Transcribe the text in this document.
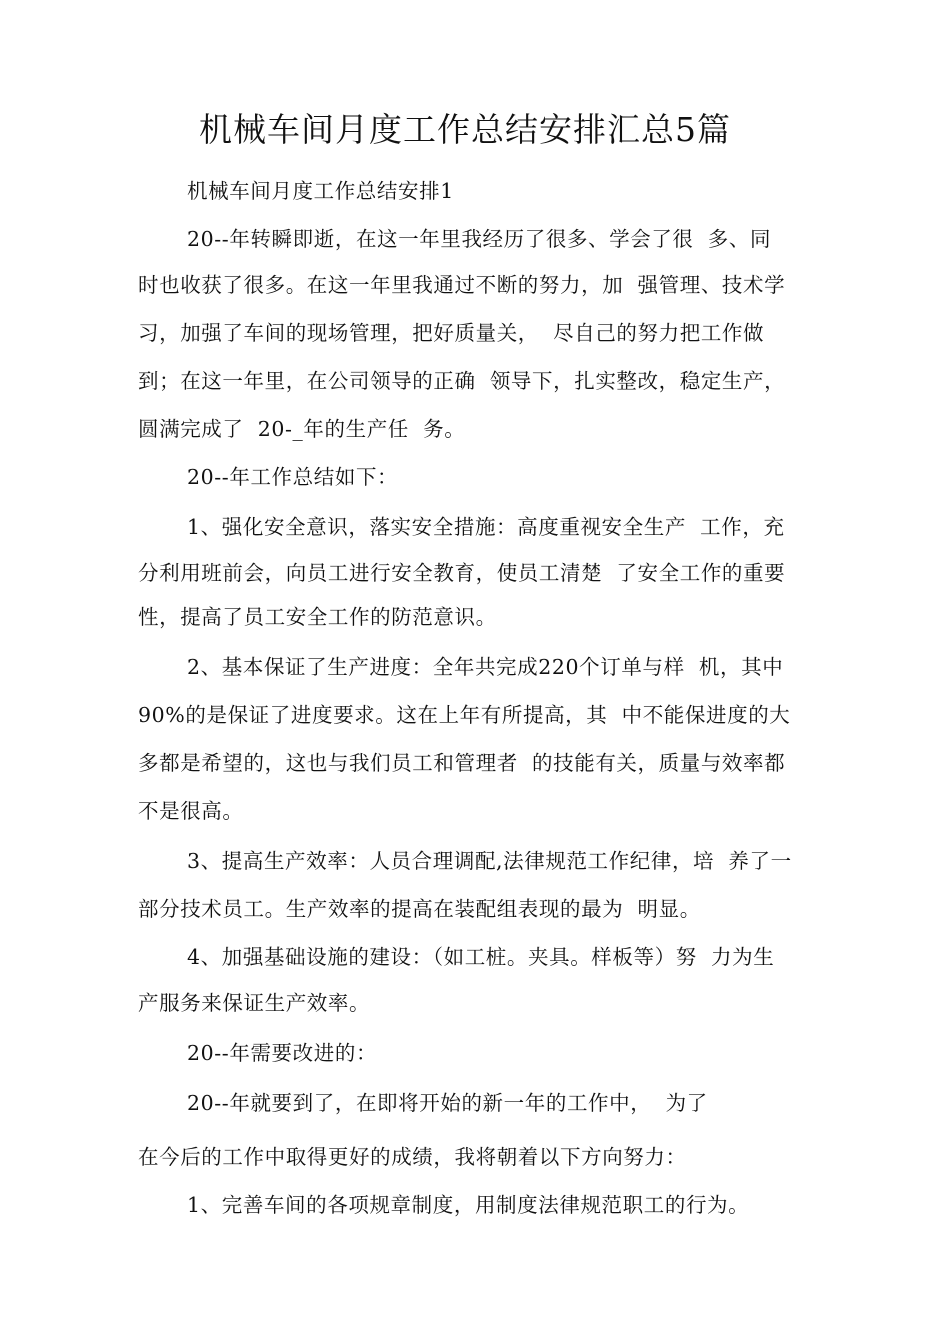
机械车间月度工作总结安排汇总5篇

机械车间月度工作总结安排1

20--年转瞬即逝，在这一年里我经历了很多、学会了很  多、同

时也收获了很多。在这一年里我通过不断的努力，加  强管理、技术学

习，加强了车间的现场管理，把好质量关，  尽自己的努力把工作做

到；在这一年里，在公司领导的正确  领导下，扎实整改，稳定生产，

圆满完成了  20-_年的生产任  务。

20--年工作总结如下：

1、强化安全意识，落实安全措施：高度重视安全生产  工作，充

分利用班前会，向员工进行安全教育，使员工清楚  了安全工作的重要

性，提高了员工安全工作的防范意识。

2、基本保证了生产进度：全年共完成220个订单与样  机，其中

90%的是保证了进度要求。这在上年有所提高，其  中不能保进度的大

多都是希望的，这也与我们员工和管理者  的技能有关，质量与效率都

不是很高。

3、提高生产效率：人员合理调配,法律规范工作纪律，培  养了一

部分技术员工。生产效率的提高在装配组表现的最为  明显。

4、加强基础设施的建设：（如工桩。夹具。样板等）努  力为生

产服务来保证生产效率。

20--年需要改进的：

20--年就要到了，在即将开始的新一年的工作中，  为了

在今后的工作中取得更好的成绩，我将朝着以下方向努力：

1、完善车间的各项规章制度，用制度法律规范职工的行为。
